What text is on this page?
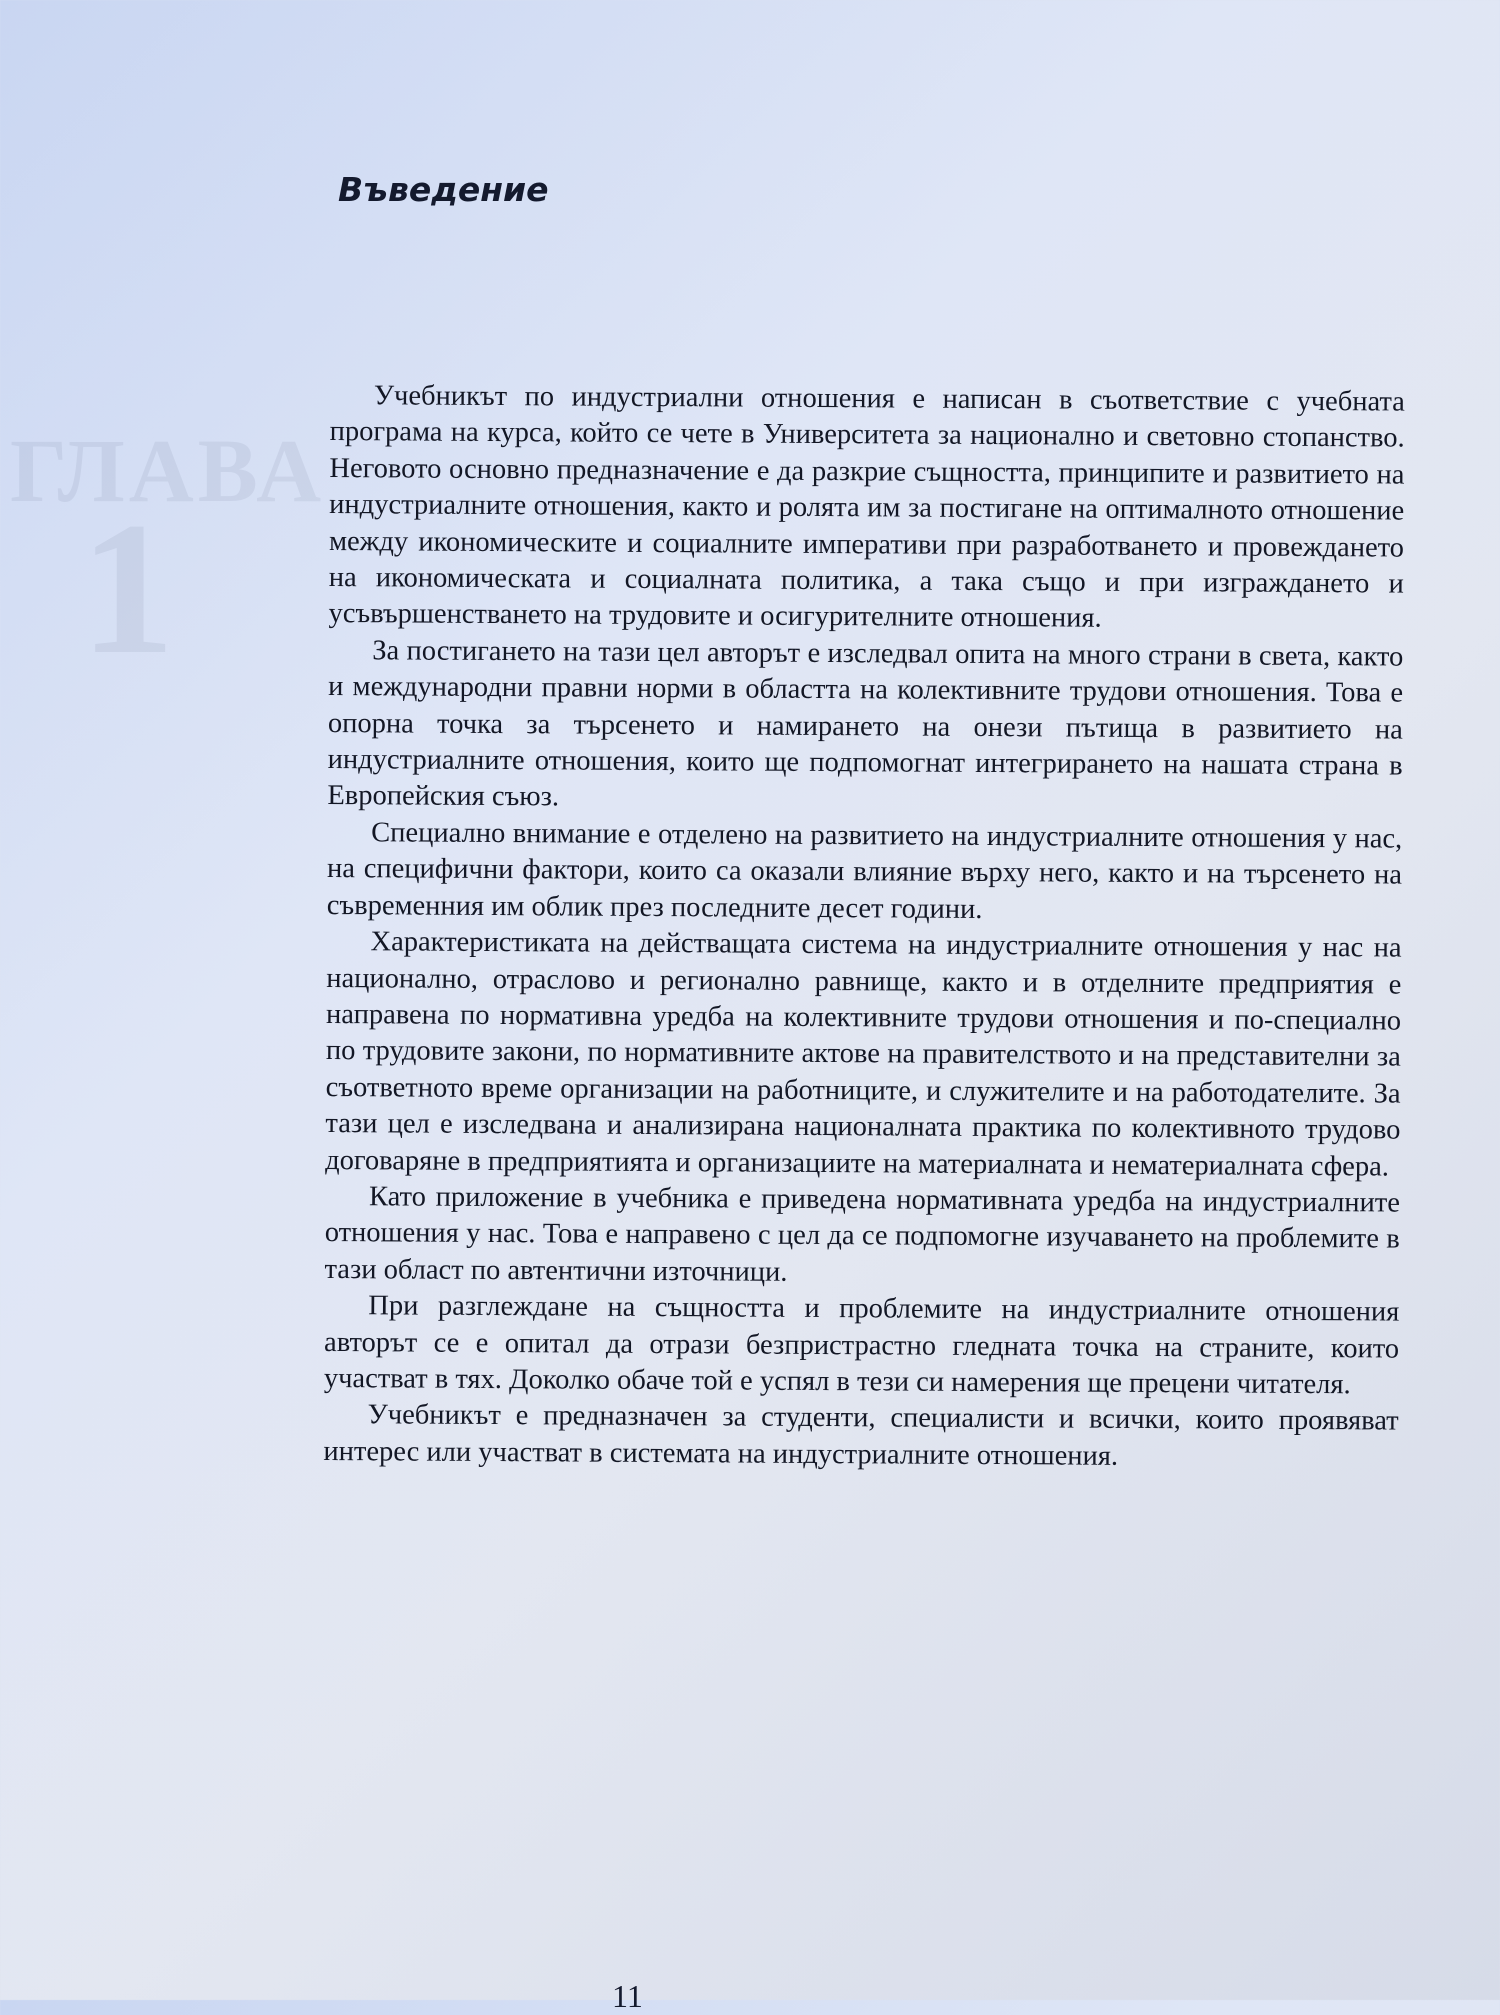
ГЛАВА
1
Въведение

Учебникът по индустриални отношения е написан в съответствие с учебната програма на курса, който се чете в Университета за национално и световно стопанство. Неговото основно предназначение е да разкрие същността, принципите и развитието на индустриалните отношения, както и ролята им за постигане на оптималното отношение между икономическите и социалните императиви при разработването и провеждането на икономическата и социалната политика, а така също и при изграждането и усъвършенстването на трудовите и осигурителните отношения.

За постигането на тази цел авторът е изследвал опита на много страни в света, както и международни правни норми в областта на колективните трудови отношения. Това е опорна точка за търсенето и намирането на онези пътища в развитието на индустриалните отношения, които ще подпомогнат интегрирането на нашата страна в Европейския съюз.

Специално внимание е отделено на развитието на индустриалните отношения у нас, на специфични фактори, които са оказали влияние върху него, както и на търсенето на съвременния им облик през последните десет години.

Характеристиката на действащата система на индустриалните отношения у нас на национално, отраслово и регионално равнище, както и в отделните предприятия е направена по нормативна уредба на колективните трудови отношения и по-специално по трудовите закони, по нормативните актове на правителството и на представителни за съответното време организации на работниците, и служителите и на работодателите. За тази цел е изследвана и анализирана националната практика по колективното трудово договаряне в предприятията и организациите на материалната и нематериалната сфера.

Като приложение в учебника е приведена нормативната уредба на индустриалните отношения у нас. Това е направено с цел да се подпомогне изучаването на проблемите в тази област по автентични източници.

При разглеждане на същността и проблемите на индустриалните отношения авторът се е опитал да отрази безпристрастно гледната точка на страните, които участват в тях. Доколко обаче той е успял в тези си намерения ще прецени читателя.

Учебникът е предназначен за студенти, специалисти и всички, които проявяват интерес или участват в системата на индустриалните отношения.

11
